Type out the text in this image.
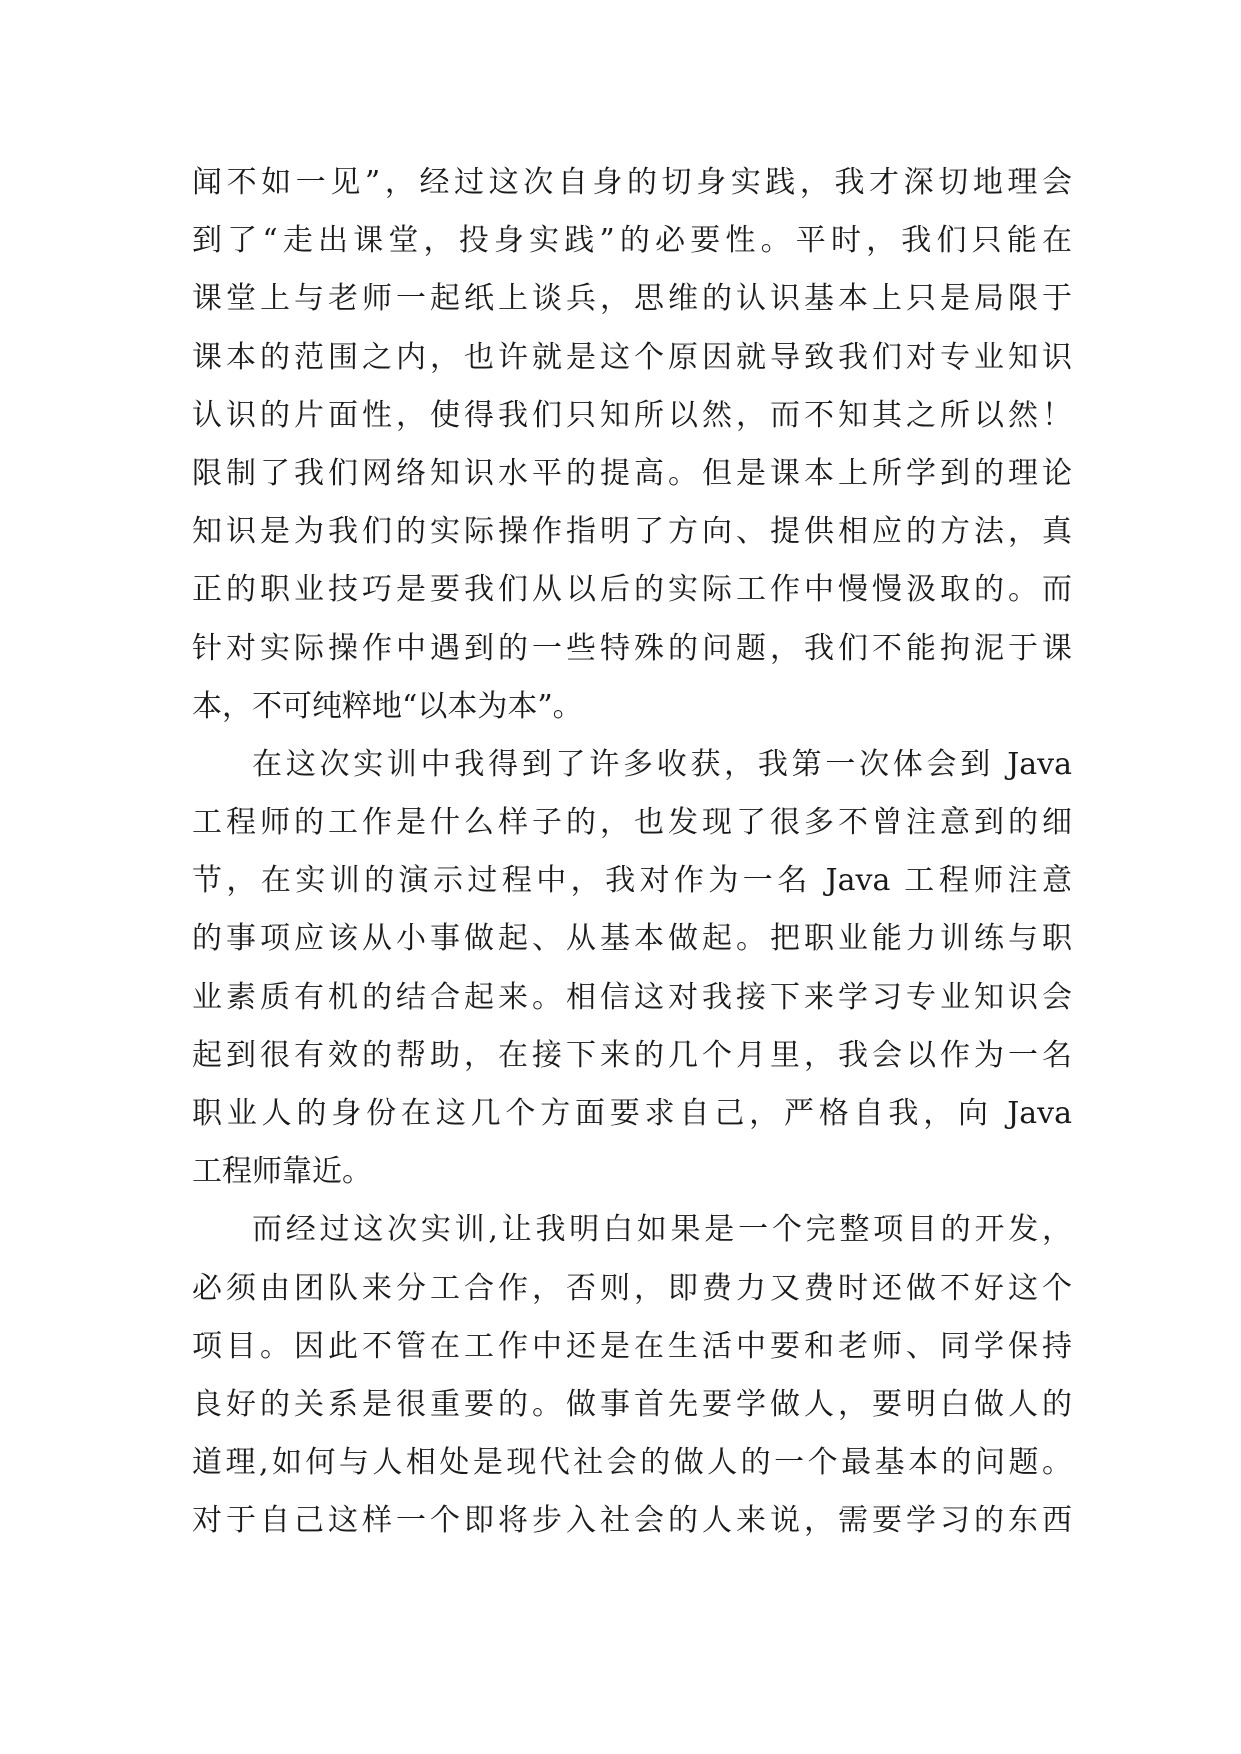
闻不如一见”，经过这次自身的切身实践，我才深切地理会
到了“走出课堂，投身实践”的必要性。平时，我们只能在
课堂上与老师一起纸上谈兵，思维的认识基本上只是局限于
课本的范围之内，也许就是这个原因就导致我们对专业知识
认识的片面性，使得我们只知所以然，而不知其之所以然！
限制了我们网络知识水平的提高。但是课本上所学到的理论
知识是为我们的实际操作指明了方向、提供相应的方法，真
正的职业技巧是要我们从以后的实际工作中慢慢汲取的。而
针对实际操作中遇到的一些特殊的问题，我们不能拘泥于课
本，不可纯粹地“以本为本”。
在这次实训中我得到了许多收获，我第一次体会到 Java
工程师的工作是什么样子的，也发现了很多不曾注意到的细
节，在实训的演示过程中，我对作为一名 Java 工程师注意
的事项应该从小事做起、从基本做起。把职业能力训练与职
业素质有机的结合起来。相信这对我接下来学习专业知识会
起到很有效的帮助，在接下来的几个月里，我会以作为一名
职业人的身份在这几个方面要求自己，严格自我，向 Java
工程师靠近。
而经过这次实训,让我明白如果是一个完整项目的开发，
必须由团队来分工合作，否则，即费力又费时还做不好这个
项目。因此不管在工作中还是在生活中要和老师、同学保持
良好的关系是很重要的。做事首先要学做人，要明白做人的
道理,如何与人相处是现代社会的做人的一个最基本的问题。
对于自己这样一个即将步入社会的人来说，需要学习的东西
